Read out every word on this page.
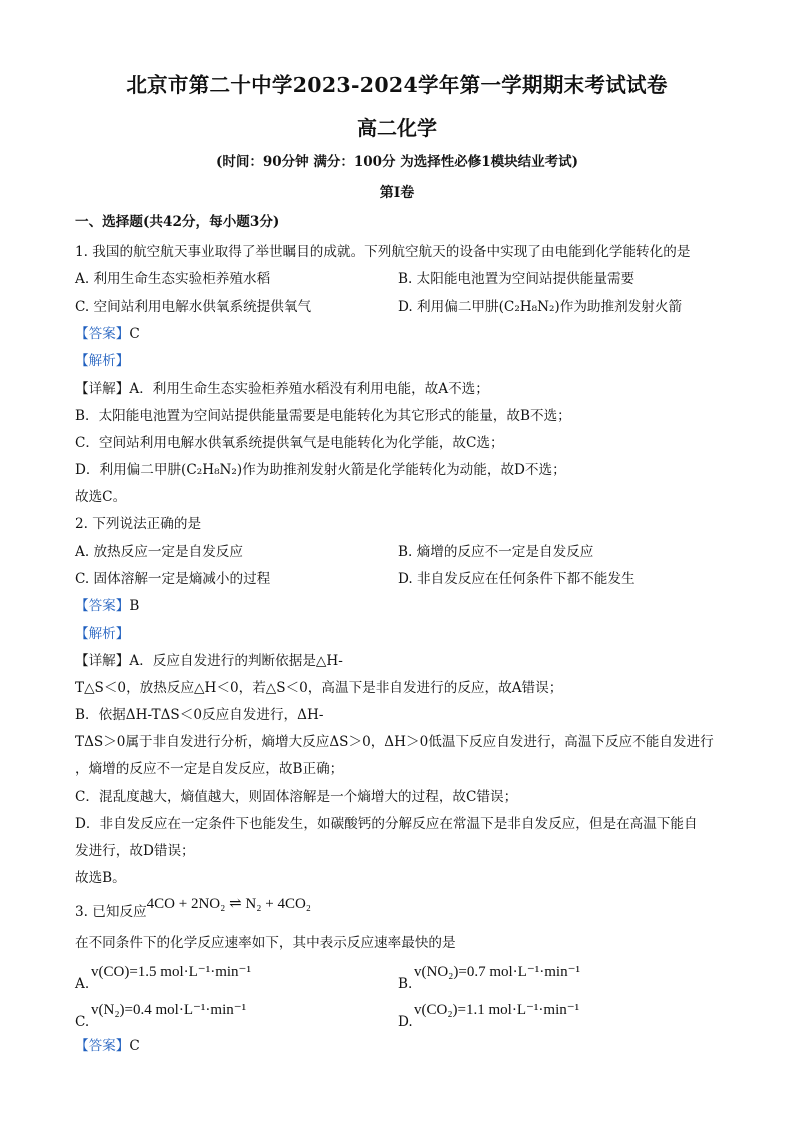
北京市第二十中学2023-2024学年第一学期期末考试试卷
高二化学
(时间：90分钟 满分：100分 为选择性必修1模块结业考试)
第I卷
一、选择题(共42分，每小题3分)
1. 我国的航空航天事业取得了举世瞩目的成就。下列航空航天的设备中实现了由电能到化学能转化的是
A. 利用生命生态实验柜养殖水稻	B. 太阳能电池置为空间站提供能量需要
C. 空间站利用电解水供氧系统提供氧气	D. 利用偏二甲肼(C₂H₈N₂)作为助推剂发射火箭
【答案】C
【解析】
【详解】A．利用生命生态实验柜养殖水稻没有利用电能，故A不选；
B．太阳能电池置为空间站提供能量需要是电能转化为其它形式的能量，故B不选；
C．空间站利用电解水供氧系统提供氧气是电能转化为化学能，故C选；
D．利用偏二甲肼(C₂H₈N₂)作为助推剂发射火箭是化学能转化为动能，故D不选；
故选C。
2. 下列说法正确的是
A. 放热反应一定是自发反应	B. 熵增的反应不一定是自发反应
C. 固体溶解一定是熵减小的过程	D. 非自发反应在任何条件下都不能发生
【答案】B
【解析】
【详解】A．反应自发进行的判断依据是△H-
T△S＜0，放热反应△H＜0，若△S＜0，高温下是非自发进行的反应，故A错误；
B．依据ΔH-TΔS＜0反应自发进行，ΔH-
TΔS＞0属于非自发进行分析，熵增大反应ΔS＞0，ΔH＞0低温下反应自发进行，高温下反应不能自发进行
，熵增的反应不一定是自发反应，故B正确；
C．混乱度越大，熵值越大，则固体溶解是一个熵增大的过程，故C错误；
D．非自发反应在一定条件下也能发生，如碳酸钙的分解反应在常温下是非自发反应，但是在高温下能自
发进行，故D错误；
故选B。
3. 已知反应4CO + 2NO₂ ⇌ N₂ + 4CO₂
在不同条件下的化学反应速率如下，其中表示反应速率最快的是
A.
v(CO)=1.5 mol·L⁻¹·min⁻¹
B.
v(NO₂)=0.7 mol·L⁻¹·min⁻¹
C.
v(N₂)=0.4 mol·L⁻¹·min⁻¹
D.
v(CO₂)=1.1 mol·L⁻¹·min⁻¹
【答案】C
